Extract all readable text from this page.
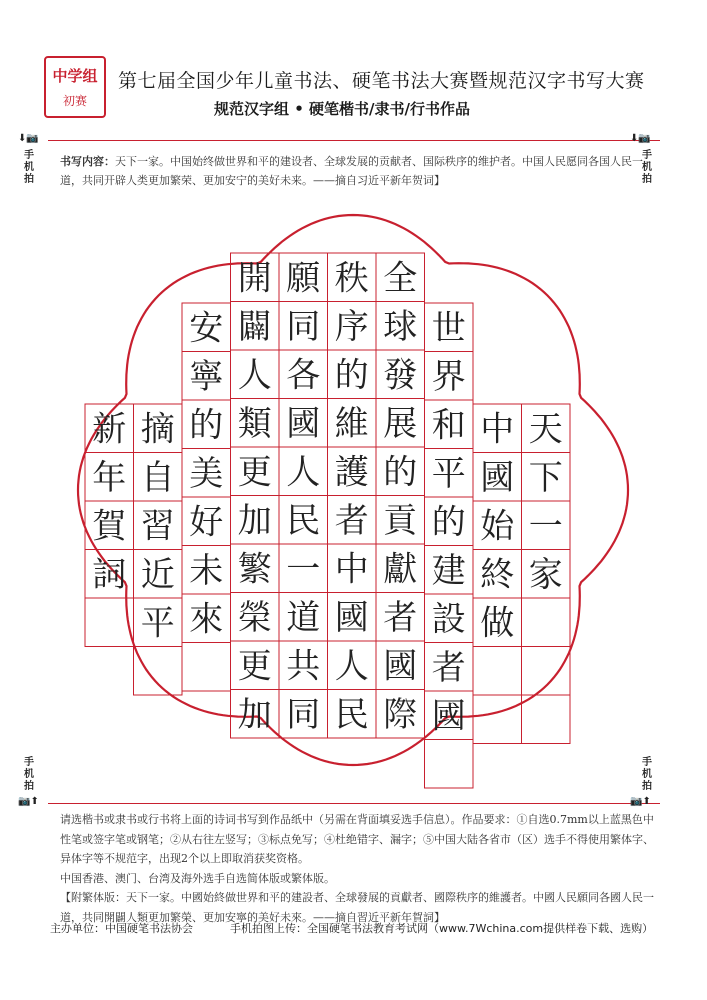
中学组
初赛
第七届全国少年儿童书法、硬笔书法大赛暨规范汉字书写大赛
规范汉字组 • 硬笔楷书/隶书/行书作品
⬇📷	⬇📷
📷⬆	📷⬆
手机拍
手机拍
手机拍
手机拍
书写内容：天下一家。中国始终做世界和平的建设者、全球发展的贡献者、国际秩序的维护者。中国人民愿同各国人民一道，共同开辟人类更加繁荣、更加安宁的美好未来。——摘自习近平新年贺词】
天
下
一
家
中
國
始
終
做
世
界
和
平
的
建
設
者
國
全
球
發
展
的
貢
獻
者
國
際
秩
序
的
維
護
者
中
國
人
民
願
同
各
國
人
民
一
道
共
同
開
闢
人
類
更
加
繁
榮
更
加
安
寧
的
美
好
未
來
摘
自
習
近
平
新
年
賀
詞

请选楷书或隶书或行书将上面的诗词书写到作品纸中（另需在背面填妥选手信息）。作品要求：①自选0.7mm以上蓝黑色中性笔或签字笔或钢笔；②从右往左竖写；③标点免写；④杜绝错字、漏字；⑤中国大陆各省市（区）选手不得使用繁体字、异体字等不规范字，出现2个以上即取消获奖资格。

中国香港、澳门、台湾及海外选手自选简体版或繁体版。

【附繁体版：天下一家。中國始終做世界和平的建設者、全球發展的貢獻者、國際秩序的維護者。中國人民願同各國人民一道，共同開闢人類更加繁榮、更加安寧的美好未來。——摘自習近平新年賀詞】

主办单位：中国硬笔书法协会	手机拍图上传：全国硬笔书法教育考试网（www.7Wchina.com提供样卷下载、选购）
